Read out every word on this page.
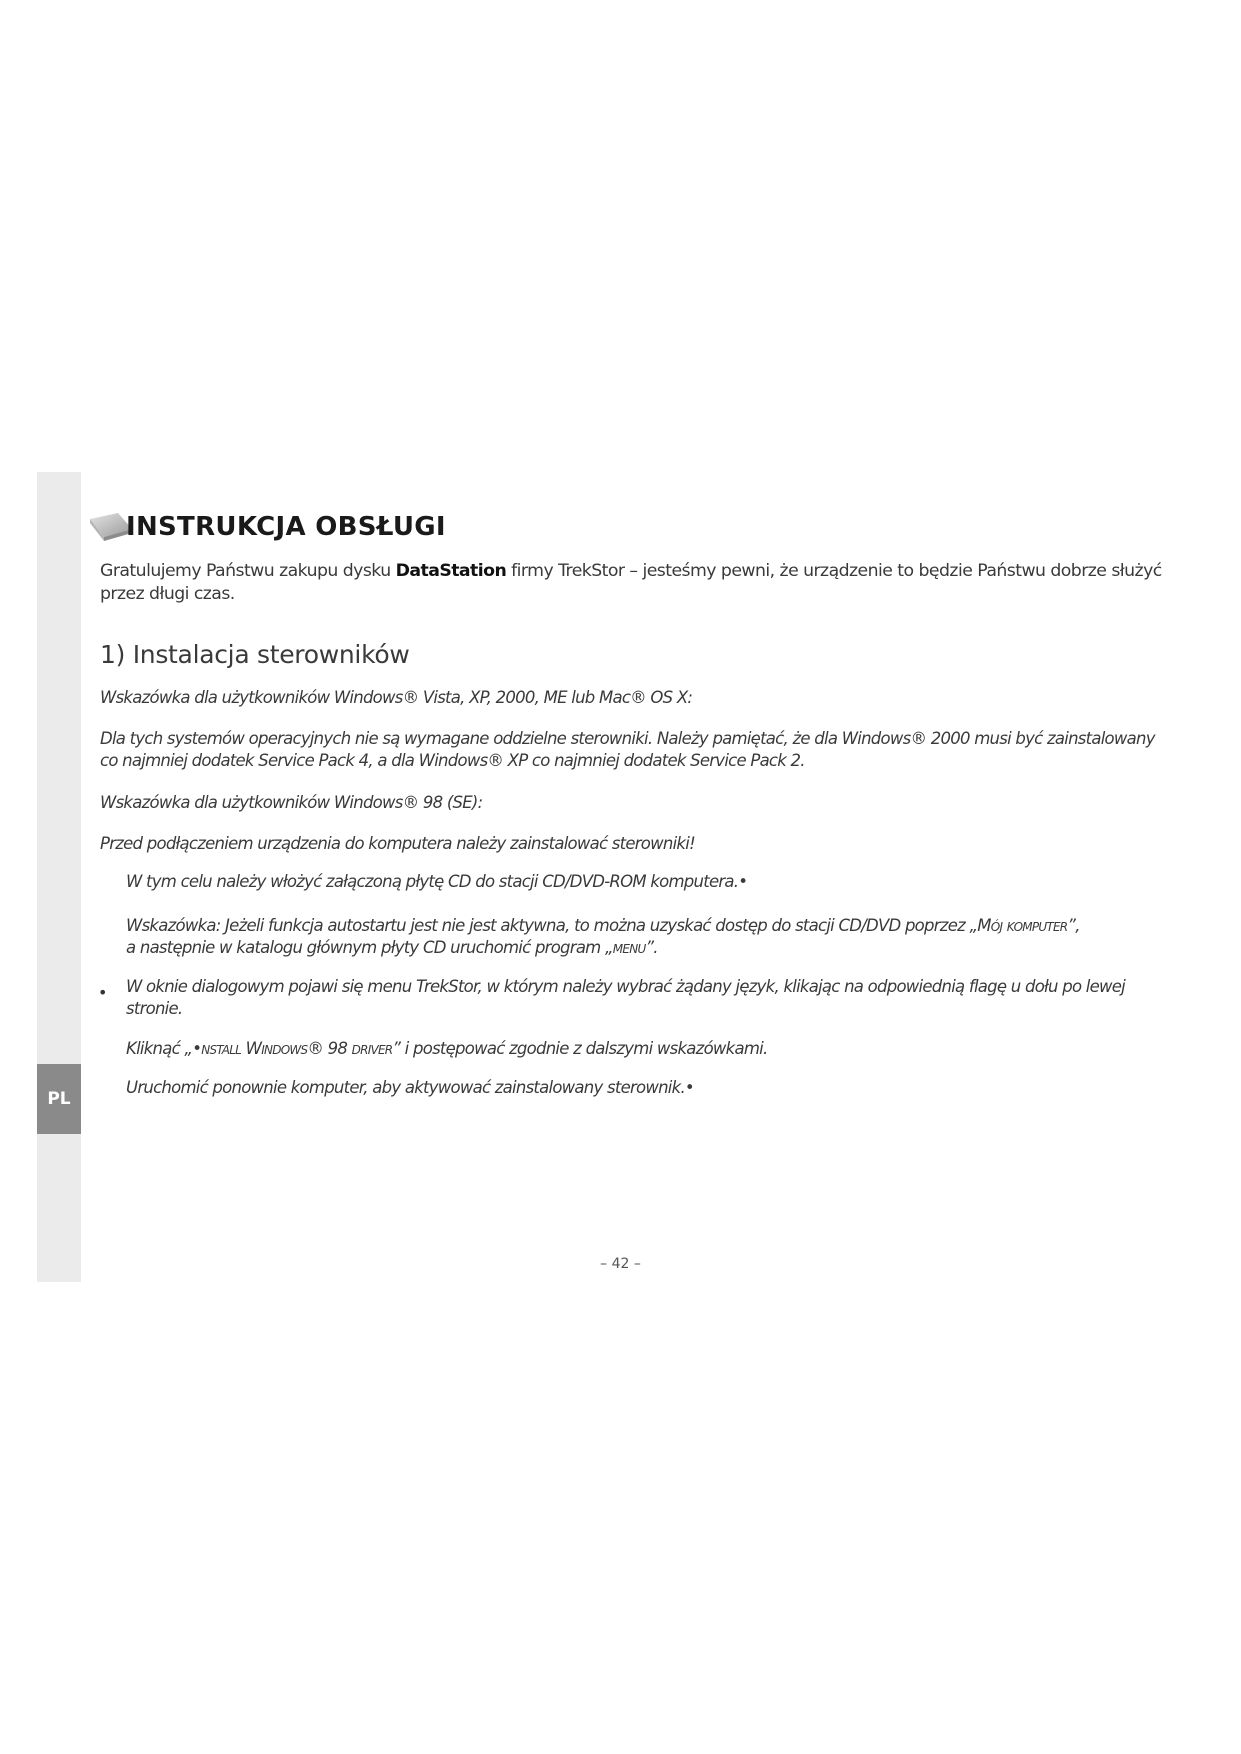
PL
INSTRUKCJA OBSŁUGI

Gratulujemy Państwu zakupu dysku DataStation firmy TrekStor – jesteśmy pewni, że urządzenie to będzie Państwu dobrze służyć przez długi czas.

1) Instalacja sterowników

Wskazówka dla użytkowników Windows® Vista, XP, 2000, ME lub Mac® OS X:

Dla tych systemów operacyjnych nie są wymagane oddzielne sterowniki. Należy pamiętać, że dla Windows® 2000 musi być zainstalowany co najmniej dodatek Service Pack 4, a dla Windows® XP co najmniej dodatek Service Pack 2.

Wskazówka dla użytkowników Windows® 98 (SE):

Przed podłączeniem urządzenia do komputera należy zainstalować sterowniki!

W tym celu należy włożyć załączoną płytę CD do stacji CD/DVD-ROM komputera.•

Wskazówka: Jeżeli funkcja autostartu jest nie jest aktywna, to można uzyskać dostęp do stacji CD/DVD poprzez „Mój komputer”,
a następnie w katalogu głównym płyty CD uruchomić program „menu”.

• W oknie dialogowym pojawi się menu TrekStor, w którym należy wybrać żądany język, klikając na odpowiednią flagę u dołu po lewej stronie.

Kliknąć „•nstall Windows® 98 driver” i postępować zgodnie z dalszymi wskazówkami.

Uruchomić ponownie komputer, aby aktywować zainstalowany sterownik.•

– 42 –
